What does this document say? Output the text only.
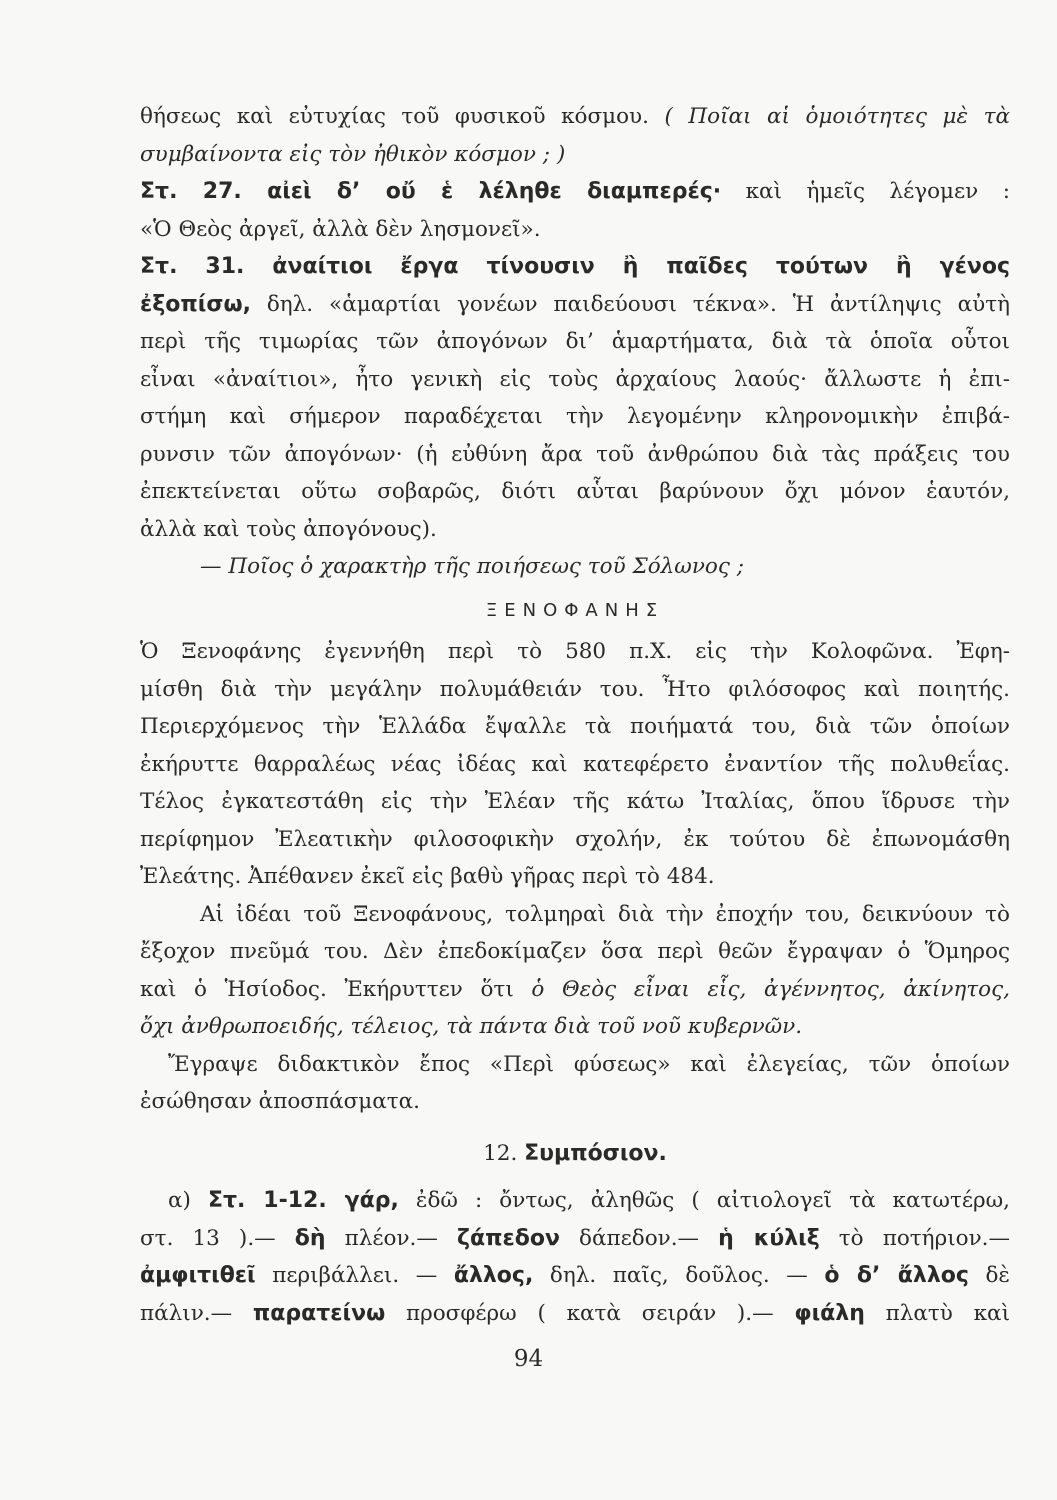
θήσεως καὶ εὐτυχίας τοῦ φυσικοῦ κόσμου. ( Ποῖαι αἱ ὁμοιότητες μὲ τὰ
συμβαίνοντα εἰς τὸν ἠθικὸν κόσμον ; )
Στ. 27. αἰεὶ δ’ οὔ ἑ λέληθε διαμπερές· καὶ ἡμεῖς λέγομεν :
«Ὁ Θεὸς ἀργεῖ, ἀλλὰ δὲν λησμονεῖ».
Στ. 31. ἀναίτιοι ἔργα τίνουσιν ἢ παῖδες τούτων ἢ γένος
ἐξοπίσω, δηλ. «ἁμαρτίαι γονέων παιδεύουσι τέκνα». Ἡ ἀντίληψις αὐτὴ
περὶ τῆς τιμωρίας τῶν ἀπογόνων δι’ ἁμαρτήματα, διὰ τὰ ὁποῖα οὗτοι
εἶναι «ἀναίτιοι», ἦτο γενικὴ εἰς τοὺς ἀρχαίους λαούς· ἄλλωστε ἡ ἐπι-
στήμη καὶ σήμερον παραδέχεται τὴν λεγομένην κληρονομικὴν ἐπιβά-
ρυνσιν τῶν ἀπογόνων· (ἡ εὐθύνη ἄρα τοῦ ἀνθρώπου διὰ τὰς πράξεις του
ἐπεκτείνεται οὕτω σοβαρῶς, διότι αὗται βαρύνουν ὄχι μόνον ἑαυτόν,
ἀλλὰ καὶ τοὺς ἀπογόνους).
— Ποῖος ὁ χαρακτὴρ τῆς ποιήσεως τοῦ Σόλωνος ;
ΞΕΝΟΦΑΝΗΣ
Ὁ Ξενοφάνης ἐγεννήθη περὶ τὸ 580 π.Χ. εἰς τὴν Κολοφῶνα. Ἐφη-
μίσθη διὰ τὴν μεγάλην πολυμάθειάν του. Ἦτο φιλόσοφος καὶ ποιητής.
Περιερχόμενος τὴν Ἑλλάδα ἔψαλλε τὰ ποιήματά του, διὰ τῶν ὁποίων
ἐκήρυττε θαρραλέως νέας ἰδέας καὶ κατεφέρετο ἐναντίον τῆς πολυθεΐας.
Τέλος ἐγκατεστάθη εἰς τὴν Ἐλέαν τῆς κάτω Ἰταλίας, ὅπου ἵδρυσε τὴν
περίφημον Ἐλεατικὴν φιλοσοφικὴν σχολήν, ἐκ τούτου δὲ ἐπωνομάσθη
Ἐλεάτης. Ἀπέθανεν ἐκεῖ εἰς βαθὺ γῆρας περὶ τὸ 484.
Αἱ ἰδέαι τοῦ Ξενοφάνους, τολμηραὶ διὰ τὴν ἐποχήν του, δεικνύουν τὸ
ἔξοχον πνεῦμά του. Δὲν ἐπεδοκίμαζεν ὅσα περὶ θεῶν ἔγραψαν ὁ Ὅμηρος
καὶ ὁ Ἡσίοδος. Ἐκήρυττεν ὅτι ὁ Θεὸς εἶναι εἷς, ἀγέννητος, ἀκίνητος,
ὄχι ἀνθρωποειδής, τέλειος, τὰ πάντα διὰ τοῦ νοῦ κυβερνῶν.
Ἔγραψε διδακτικὸν ἔπος «Περὶ φύσεως» καὶ ἐλεγείας, τῶν ὁποίων
ἐσώθησαν ἀποσπάσματα.
12. Συμπόσιον.
α) Στ. 1-12. γάρ, ἐδῶ : ὄντως, ἀληθῶς ( αἰτιολογεῖ τὰ κατωτέρω,
στ. 13 ).— δὴ πλέον.— ζάπεδον δάπεδον.— ἡ κύλιξ τὸ ποτήριον.—
ἀμφιτιθεῖ περιβάλλει. — ἄλλος, δηλ. παῖς, δοῦλος. — ὁ δ’ ἄλλος δὲ
πάλιν.— παρατείνω προσφέρω ( κατὰ σειράν ).— φιάλη πλατὺ καὶ
94
